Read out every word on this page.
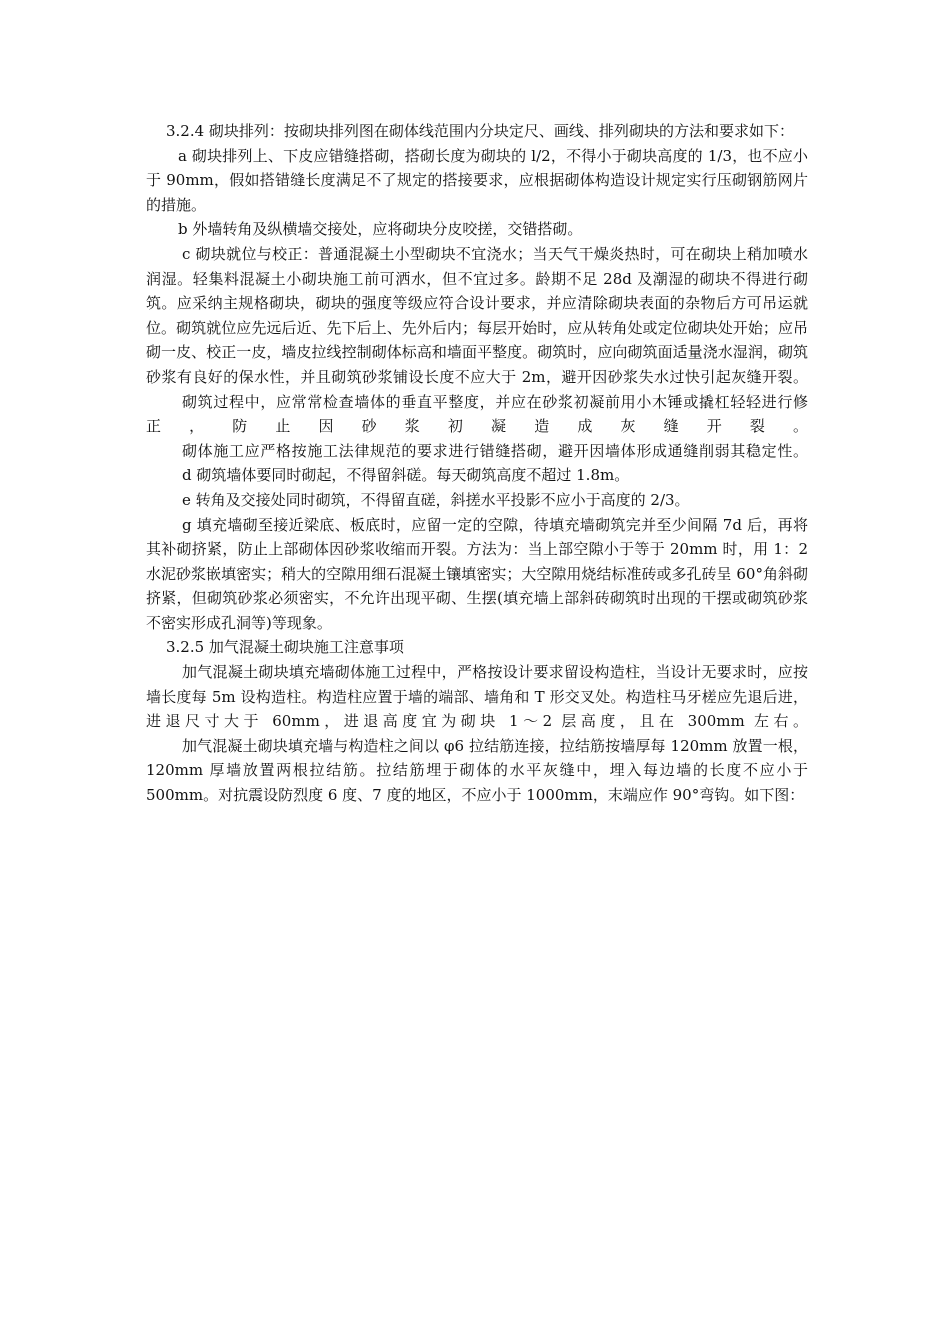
3.2.4 砌块排列：按砌块排列图在砌体线范围内分块定尺、画线、排列砌块的方法和要求如下：

a 砌块排列上、下皮应错缝搭砌，搭砌长度为砌块的 l/2，不得小于砌块高度的 1/3，也不应小于 90mm，假如搭错缝长度满足不了规定的搭接要求，应根据砌体构造设计规定实行压砌钢筋网片的措施。

b 外墙转角及纵横墙交接处，应将砌块分皮咬搓，交错搭砌。

c 砌块就位与校正：普通混凝土小型砌块不宜浇水；当天气干燥炎热时，可在砌块上稍加喷水润湿。轻集料混凝土小砌块施工前可洒水，但不宜过多。龄期不足 28d 及潮湿的砌块不得进行砌筑。应采纳主规格砌块，砌块的强度等级应符合设计要求，并应清除砌块表面的杂物后方可吊运就位。砌筑就位应先远后近、先下后上、先外后内；每层开始时，应从转角处或定位砌块处开始；应吊砌一皮、校正一皮，墙皮拉线控制砌体标高和墙面平整度。砌筑时，应向砌筑面适量浇水湿润，砌筑砂浆有良好的保水性，并且砌筑砂浆铺设长度不应大于 2m，避开因砂浆失水过快引起灰缝开裂。

砌筑过程中，应常常检查墙体的垂直平整度，并应在砂浆初凝前用小木锤或撬杠轻轻进行修正，防止因砂浆初凝造成灰缝开裂。

砌体施工应严格按施工法律规范的要求进行错缝搭砌，避开因墙体形成通缝削弱其稳定性。

d 砌筑墙体要同时砌起，不得留斜磋。每天砌筑高度不超过 1.8m。

e 转角及交接处同时砌筑，不得留直磋，斜搓水平投影不应小于高度的 2/3。

g 填充墙砌至接近梁底、板底时，应留一定的空隙，待填充墙砌筑完并至少间隔 7d 后，再将其补砌挤紧，防止上部砌体因砂浆收缩而开裂。方法为：当上部空隙小于等于 20mm 时，用 1：2 水泥砂浆嵌填密实；稍大的空隙用细石混凝土镶填密实；大空隙用烧结标准砖或多孔砖呈 60°角斜砌挤紧，但砌筑砂浆必须密实，不允许出现平砌、生摆(填充墙上部斜砖砌筑时出现的干摆或砌筑砂浆不密实形成孔洞等)等现象。

3.2.5 加气混凝土砌块施工注意事项

加气混凝土砌块填充墙砌体施工过程中，严格按设计要求留设构造柱，当设计无要求时，应按墙长度每 5m 设构造柱。构造柱应置于墙的端部、墙角和 T 形交叉处。构造柱马牙槎应先退后进，进退尺寸大于 60mm，进退高度宜为砌块 1～2 层高度，且在 300mm 左右。

加气混凝土砌块填充墙与构造柱之间以 φ6 拉结筋连接，拉结筋按墙厚每 120mm 放置一根，120mm 厚墙放置两根拉结筋。拉结筋埋于砌体的水平灰缝中，埋入每边墙的长度不应小于 500mm。对抗震设防烈度 6 度、7 度的地区，不应小于 1000mm，末端应作 90°弯钩。如下图：
